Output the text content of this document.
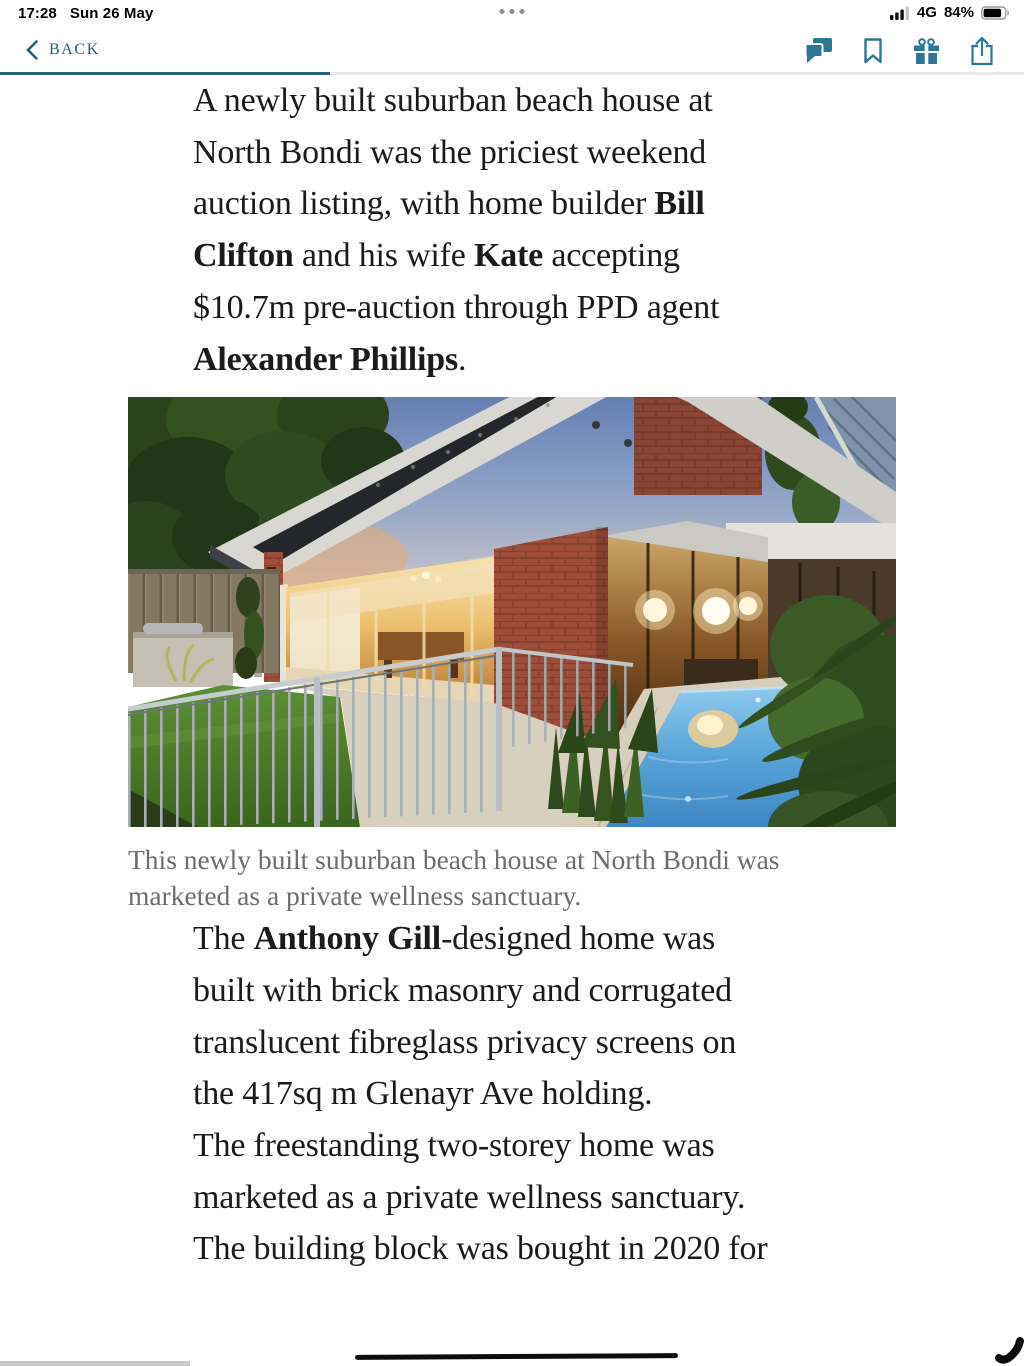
17:28 Sun 26 May	4G 84%
BACK

A newly built suburban beach house at
North Bondi was the priciest weekend
auction listing, with home builder Bill
Clifton and his wife Kate accepting
$10.7m pre-auction through PPD agent
Alexander Phillips.

This newly built suburban beach house at North Bondi was
marketed as a private wellness sanctuary.

The Anthony Gill-designed home was
built with brick masonry and corrugated
translucent fibreglass privacy screens on
the 417sq m Glenayr Ave holding.

The freestanding two-storey home was
marketed as a private wellness sanctuary.

The building block was bought in 2020 for
